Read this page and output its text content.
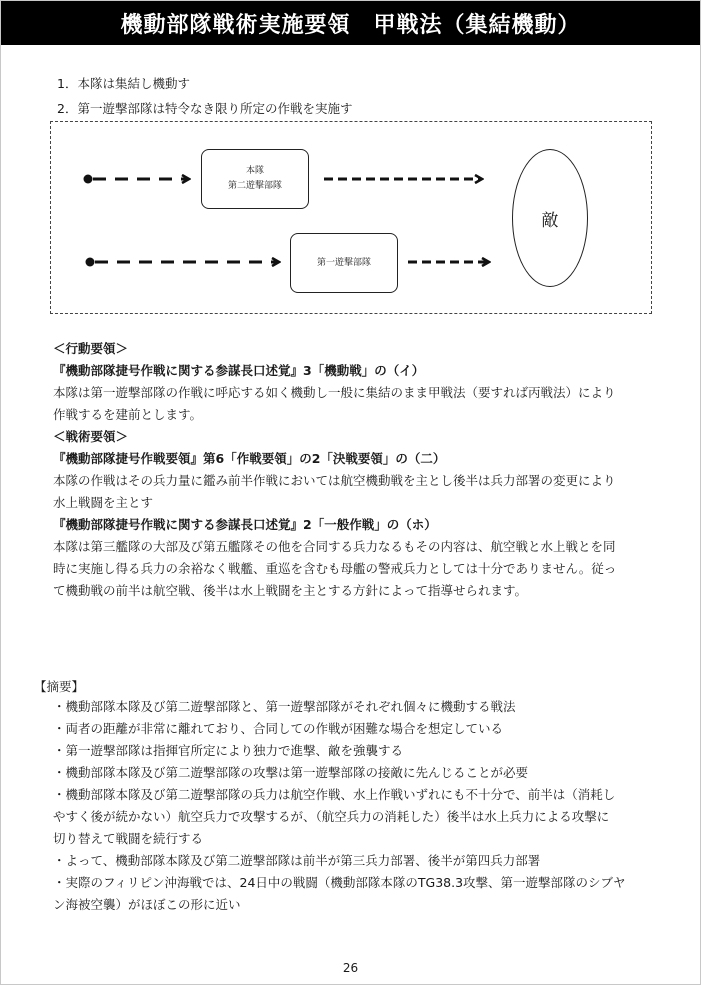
機動部隊戦術実施要領　甲戦法（集結機動）
1．本隊は集結し機動す
2．第一遊撃部隊は特令なき限り所定の作戦を実施す
本隊
第二遊撃部隊
第一遊撃部隊
敵
＜行動要領＞
『機動部隊捷号作戦に関する参謀長口述覚』3「機動戦」の（イ）
本隊は第一遊撃部隊の作戦に呼応する如く機動し一般に集結のまま甲戦法（要すれば丙戦法）により
作戦するを建前とします。
＜戦術要領＞
『機動部隊捷号作戦要領』第6「作戦要領」の2「決戦要領」の（二）
本隊の作戦はその兵力量に鑑み前半作戦においては航空機動戦を主とし後半は兵力部署の変更により
水上戦闘を主とす
『機動部隊捷号作戦に関する参謀長口述覚』2「一般作戦」の（ホ）
本隊は第三艦隊の大部及び第五艦隊その他を合同する兵力なるもその内容は、航空戦と水上戦とを同
時に実施し得る兵力の余裕なく戦艦、重巡を含むも母艦の警戒兵力としては十分でありません。従っ
て機動戦の前半は航空戦、後半は水上戦闘を主とする方針によって指導せられます。
【摘要】
・機動部隊本隊及び第二遊撃部隊と、第一遊撃部隊がそれぞれ個々に機動する戦法
・両者の距離が非常に離れており、合同しての作戦が困難な場合を想定している
・第一遊撃部隊は指揮官所定により独力で進撃、敵を強襲する
・機動部隊本隊及び第二遊撃部隊の攻撃は第一遊撃部隊の接敵に先んじることが必要
・機動部隊本隊及び第二遊撃部隊の兵力は航空作戦、水上作戦いずれにも不十分で、前半は（消耗し
やすく後が続かない）航空兵力で攻撃するが、（航空兵力の消耗した）後半は水上兵力による攻撃に
切り替えて戦闘を続行する
・よって、機動部隊本隊及び第二遊撃部隊は前半が第三兵力部署、後半が第四兵力部署
・実際のフィリピン沖海戦では、24日中の戦闘（機動部隊本隊のTG38.3攻撃、第一遊撃部隊のシブヤ
ン海被空襲）がほぼこの形に近い
26
